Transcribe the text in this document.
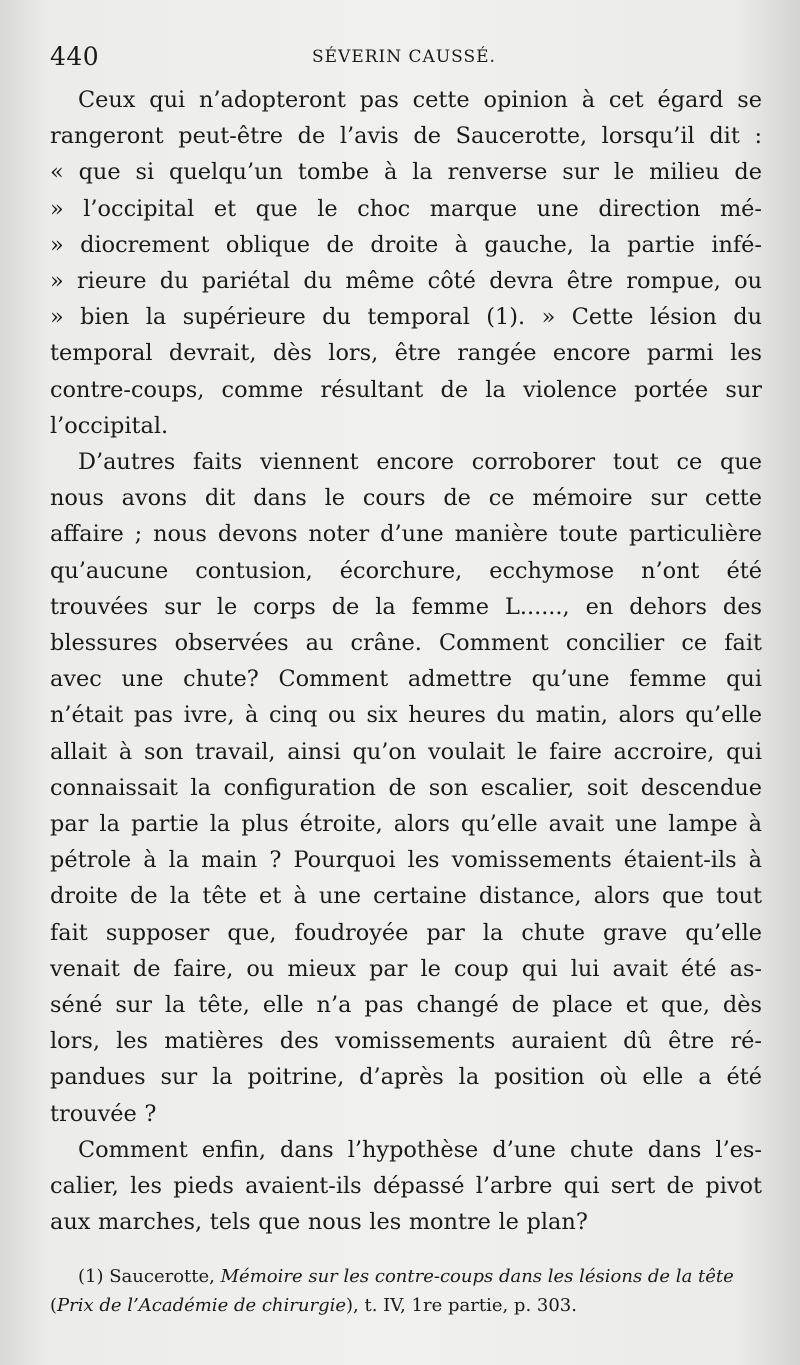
440	SÉVERIN CAUSSÉ.

Ceux qui n’adopteront pas cette opinion à cet égard se
rangeront peut-être de l’avis de Saucerotte, lorsqu’il dit :
« que si quelqu’un tombe à la renverse sur le milieu de
» l’occipital et que le choc marque une direction mé-
» diocrement oblique de droite à gauche, la partie infé-
» rieure du pariétal du même côté devra être rompue, ou
» bien la supérieure du temporal (1). » Cette lésion du
temporal devrait, dès lors, être rangée encore parmi les
contre-coups, comme résultant de la violence portée sur
l’occipital.

D’autres faits viennent encore corroborer tout ce que
nous avons dit dans le cours de ce mémoire sur cette
affaire ; nous devons noter d’une manière toute particulière
qu’aucune contusion, écorchure, ecchymose n’ont été
trouvées sur le corps de la femme L......, en dehors des
blessures observées au crâne. Comment concilier ce fait
avec une chute? Comment admettre qu’une femme qui
n’était pas ivre, à cinq ou six heures du matin, alors qu’elle
allait à son travail, ainsi qu’on voulait le faire accroire, qui
connaissait la configuration de son escalier, soit descendue
par la partie la plus étroite, alors qu’elle avait une lampe à
pétrole à la main ? Pourquoi les vomissements étaient-ils à
droite de la tête et à une certaine distance, alors que tout
fait supposer que, foudroyée par la chute grave qu’elle
venait de faire, ou mieux par le coup qui lui avait été as-
séné sur la tête, elle n’a pas changé de place et que, dès
lors, les matières des vomissements auraient dû être ré-
pandues sur la poitrine, d’après la position où elle a été
trouvée ?

Comment enfin, dans l’hypothèse d’une chute dans l’es-
calier, les pieds avaient-ils dépassé l’arbre qui sert de pivot
aux marches, tels que nous les montre le plan?

(1) Saucerotte, Mémoire sur les contre-coups dans les lésions de la tête
(Prix de l’Académie de chirurgie), t. IV, 1re partie, p. 303.
